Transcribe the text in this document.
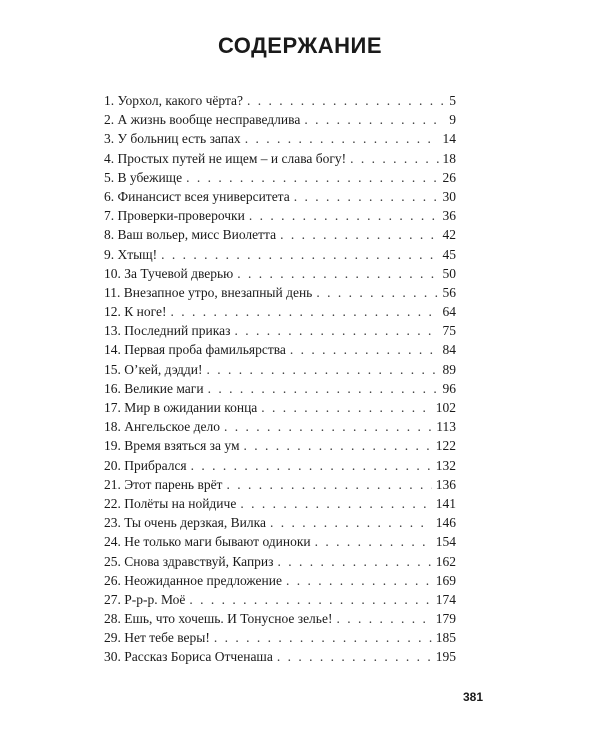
СОДЕРЖАНИЕ
1. Уорхол, какого чёрта? . . .	5
2. А жизнь вообще несправедлива . . .	9
3. У больниц есть запах . . .	14
4. Простых путей не ищем – и слава богу! . . .	18
5. В убежище . . .	26
6. Финансист всея университета . . .	30
7. Проверки-проверочки . . .	36
8. Ваш вольер, мисс Виолетта . . .	42
9. Хтыщ! . . .	45
10. За Тучевой дверью . . .	50
11. Внезапное утро, внезапный день . . .	56
12. К ноге! . . .	64
13. Последний приказ . . .	75
14. Первая проба фамильярства . . .	84
15. О’кей, дэдди! . . .	89
16. Великие маги . . .	96
17. Мир в ожидании конца . . .	102
18. Ангельское дело . . .	113
19. Время взяться за ум . . .	122
20. Прибрался . . .	132
21. Этот парень врёт . . .	136
22. Полёты на нойдиче . . .	141
23. Ты очень дерзкая, Вилка . . .	146
24. Не только маги бывают одиноки . . .	154
25. Снова здравствуй, Каприз . . .	162
26. Неожиданное предложение . . .	169
27. Р-р-р. Моё . . .	174
28. Ешь, что хочешь. И Тонусное зелье! . . .	179
29. Нет тебе веры! . . .	185
30. Рассказ Бориса Отченаша . . .	195
381
